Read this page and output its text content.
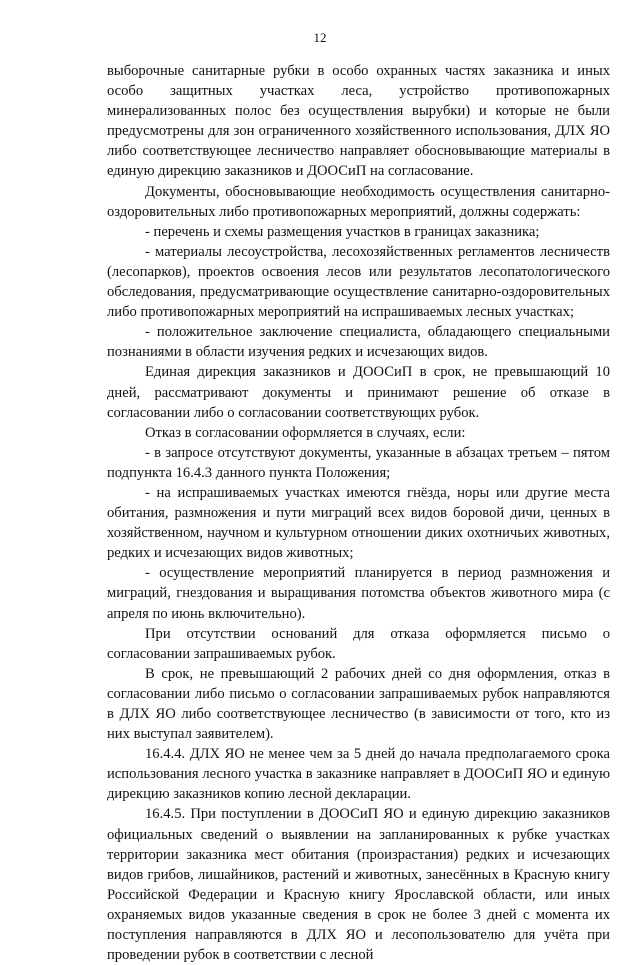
12

выборочные санитарные рубки в особо охранных частях заказника и иных особо защитных участках леса, устройство противопожарных минерализованных полос без осуществления вырубки) и которые не были предусмотрены для зон ограниченного хозяйственного использования, ДЛХ ЯО либо соответствующее лесничество направляет обосновывающие материалы в единую дирекцию заказников и ДООСиП на согласование.

Документы, обосновывающие необходимость осуществления санитарно-оздоровительных либо противопожарных мероприятий, должны содержать:

- перечень и схемы размещения участков в границах заказника;

- материалы лесоустройства, лесохозяйственных регламентов лесничеств (лесопарков), проектов освоения лесов или результатов лесопатологического обследования, предусматривающие осуществление санитарно-оздоровительных либо противопожарных мероприятий на испрашиваемых лесных участках;

- положительное заключение специалиста, обладающего специальными познаниями в области изучения редких и исчезающих видов.

Единая дирекция заказников и ДООСиП в срок, не превышающий 10 дней, рассматривают документы и принимают решение об отказе в согласовании либо о согласовании соответствующих рубок.

Отказ в согласовании оформляется в случаях, если:

- в запросе отсутствуют документы, указанные в абзацах третьем – пятом подпункта 16.4.3 данного пункта Положения;

- на испрашиваемых участках имеются гнёзда, норы или другие места обитания, размножения и пути миграций всех видов боровой дичи, ценных в хозяйственном, научном и культурном отношении диких охотничьих животных, редких и исчезающих видов животных;

- осуществление мероприятий планируется в период размножения и миграций, гнездования и выращивания потомства объектов животного мира (с апреля по июнь включительно).

При отсутствии оснований для отказа оформляется письмо о согласовании запрашиваемых рубок.

В срок, не превышающий 2 рабочих дней со дня оформления, отказ в согласовании либо письмо о согласовании запрашиваемых рубок направляются в ДЛХ ЯО либо соответствующее лесничество (в зависимости от того, кто из них выступал заявителем).

16.4.4. ДЛХ ЯО не менее чем за 5 дней до начала предполагаемого срока использования лесного участка в заказнике направляет в ДООСиП ЯО и единую дирекцию заказников копию лесной декларации.

16.4.5. При поступлении в ДООСиП ЯО и единую дирекцию заказников официальных сведений о выявлении на запланированных к рубке участках территории заказника мест обитания (произрастания) редких и исчезающих видов грибов, лишайников, растений и животных, занесённых в Красную книгу Российской Федерации и Красную книгу Ярославской области, или иных охраняемых видов указанные сведения в срок не более 3 дней с момента их поступления направляются в ДЛХ ЯО и лесопользователю для учёта при проведении рубок в соответствии с лесной
